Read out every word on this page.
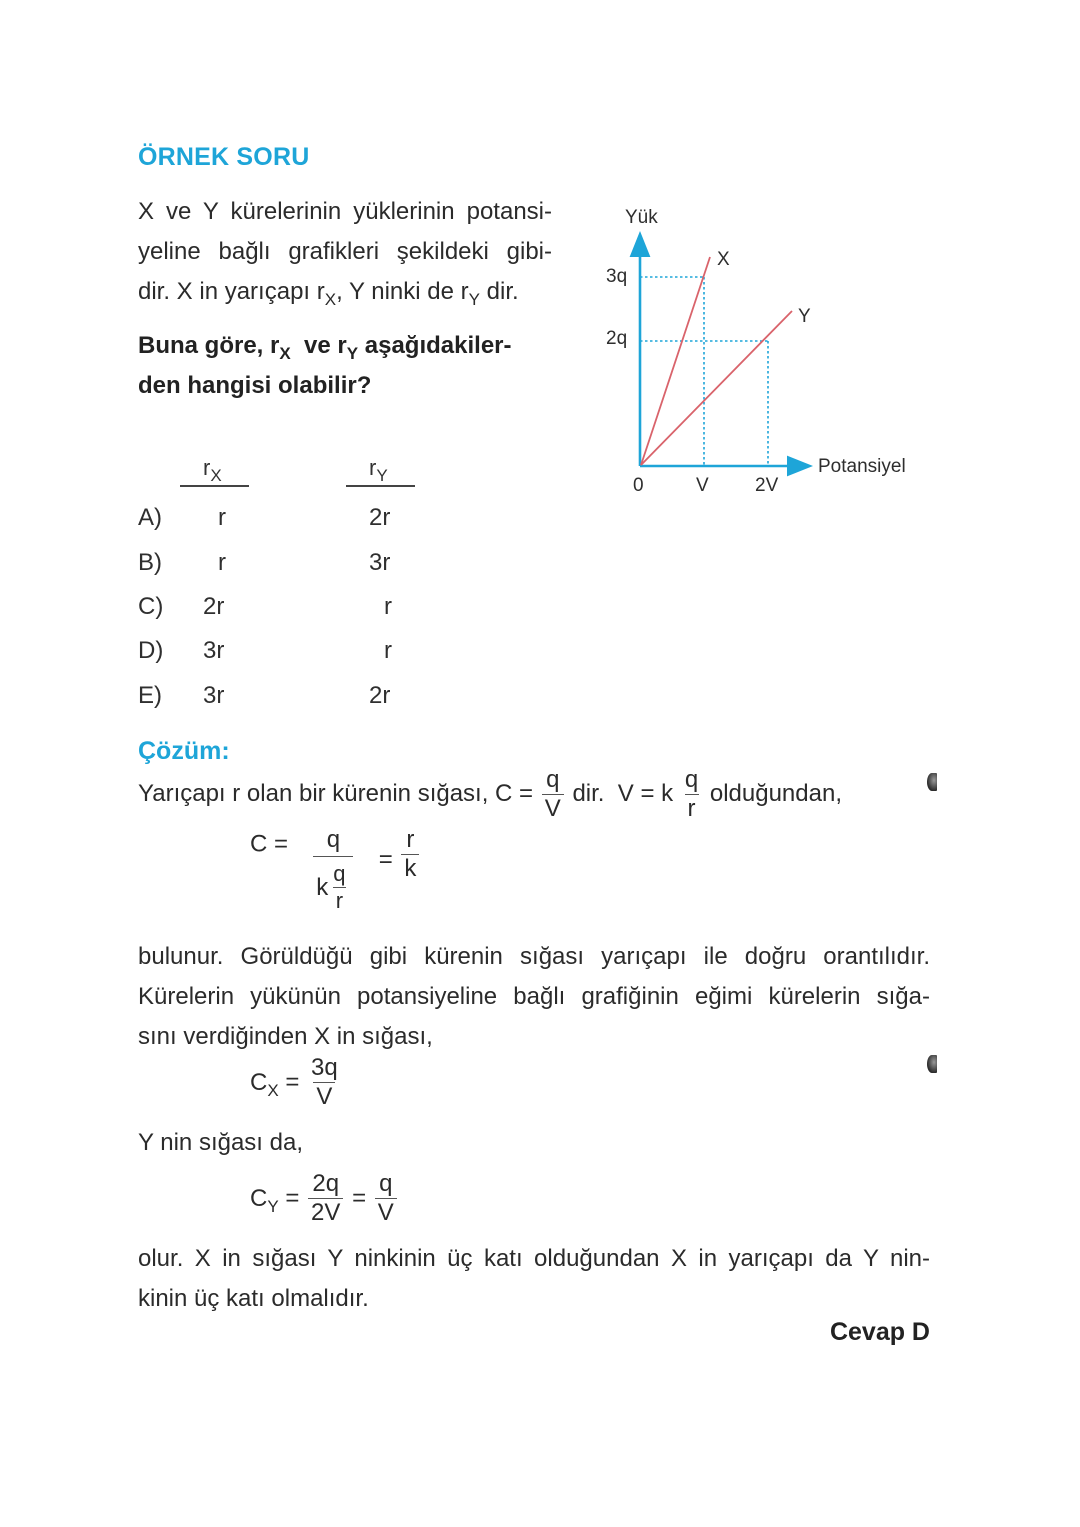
ÖRNEK SORU
X ve Y kürelerinin yüklerinin potansi-
yeline bağlı grafikleri şekildeki gibi-
dir. X in yarıçapı $r_X$, Y ninki de $r_Y$ dir.
Buna göre, $r_X$  ve $r_Y$ aşağıdakiler-
den hangisi olabilir?
Yük
Potansiyel
3q
2q
0	V 2V
X
Y
$r_X$	$r_Y$
A) r	2r
B) r	3r
C) 2r	r
D) 3r	r
E) 3r	2r
Çözüm:
Yarıçapı r olan bir kürenin sığası, $C = \frac{q}{V}$ dir.  V = k $\frac{q}{r}$ olduğundan,
$C = \frac{q}{k \frac{q}{r}} = \frac{r}{k}$
bulunur. Görüldüğü gibi kürenin sığası yarıçapı ile doğru orantılıdır.
Kürelerin yükünün potansiyeline bağlı grafiğinin eğimi kürelerin sığa-
sını verdiğinden X in sığası,
$C_X = \frac{3q}{V}$
Y nin sığası da,
$C_Y = \frac{2q}{2V} = \frac{q}{V}$
olur. X in sığası Y ninkinin üç katı olduğundan X in yarıçapı da Y nin-
kinin üç katı olmalıdır.
Cevap D
